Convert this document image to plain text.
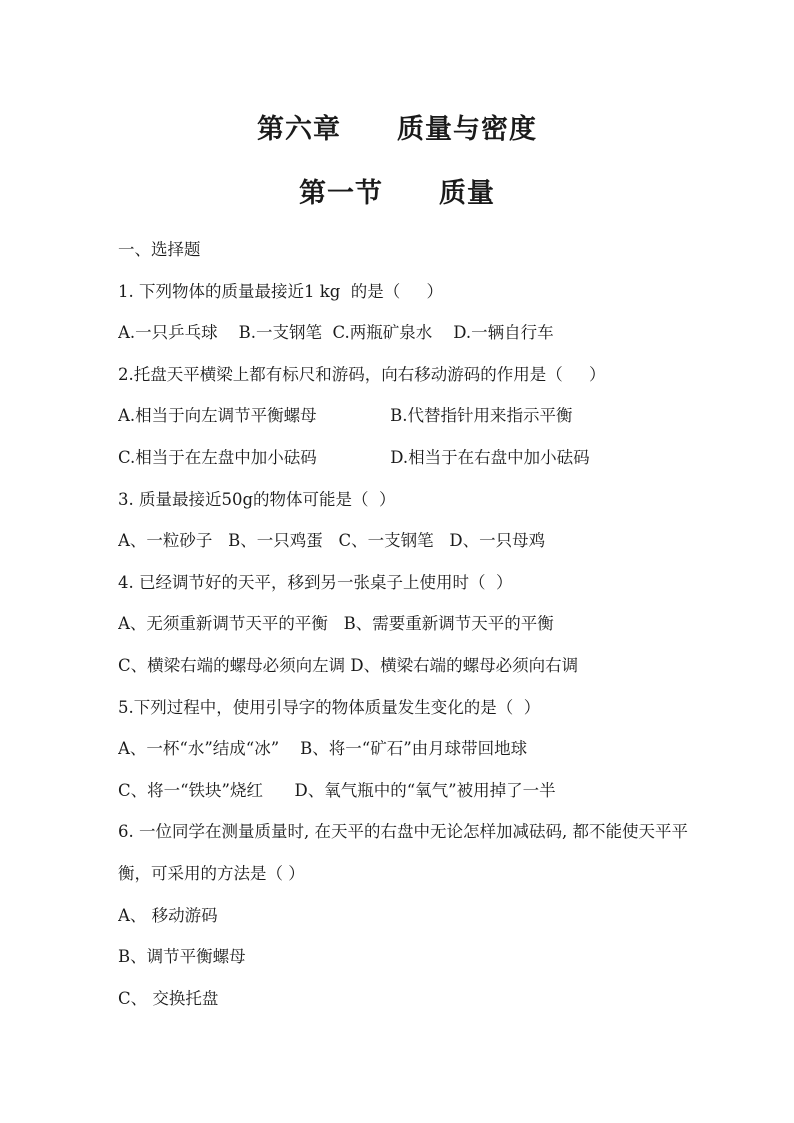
第六章　　质量与密度
第一节　　质量
一、选择题
1. 下列物体的质量最接近1 kg  的是（     ）
A.一只乒乓球    B.一支钢笔  C.两瓶矿泉水    D.一辆自行车
2.托盘天平横梁上都有标尺和游码，向右移动游码的作用是（     ）
A.相当于向左调节平衡螺母              B.代替指针用来指示平衡
C.相当于在左盘中加小砝码              D.相当于在右盘中加小砝码
3. 质量最接近50g的物体可能是（  ）
A、一粒砂子   B、一只鸡蛋   C、一支钢笔   D、一只母鸡
4. 已经调节好的天平，移到另一张桌子上使用时（  ）
A、无须重新调节天平的平衡   B、需要重新调节天平的平衡
C、横梁右端的螺母必须向左调 D、横梁右端的螺母必须向右调
5.下列过程中，使用引导字的物体质量发生变化的是（  ）
A、一杯“水”结成“冰”    B、将一“矿石”由月球带回地球
C、将一“铁块”烧红      D、氧气瓶中的“氧气”被用掉了一半
6. 一位同学在测量质量时, 在天平的右盘中无论怎样加减砝码, 都不能使天平平衡，可采用的方法是（ ）
A、 移动游码
B、调节平衡螺母
C、 交换托盘
